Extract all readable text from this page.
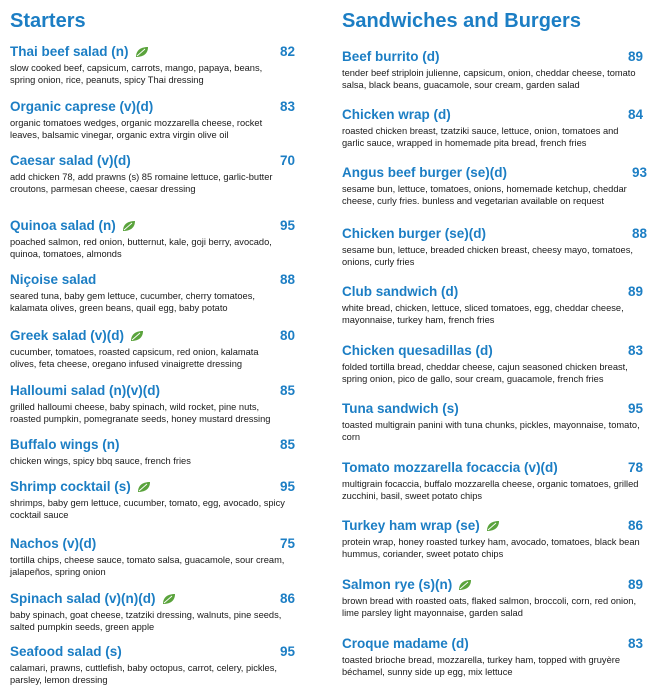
Starters
Thai beef salad (n)	82
slow cooked beef, capsicum, carrots, mango, papaya, beans, spring onion, rice, peanuts, spicy Thai dressing
Organic caprese (v)(d)	83
organic tomatoes wedges, organic mozzarella cheese, rocket leaves, balsamic vinegar, organic extra virgin olive oil
Caesar salad (v)(d)	70
add chicken 78, add prawns (s) 85 romaine lettuce, garlic-butter croutons, parmesan cheese, caesar dressing
Quinoa salad (n)	95
poached salmon, red onion, butternut, kale, goji berry, avocado, quinoa, tomatoes, almonds
Niçoise salad	88
seared tuna, baby gem lettuce, cucumber, cherry tomatoes, kalamata olives, green beans, quail egg, baby potato
Greek salad (v)(d)	80
cucumber, tomatoes, roasted capsicum, red onion, kalamata olives, feta cheese, oregano infused vinaigrette dressing
Halloumi salad (n)(v)(d)	85
grilled halloumi cheese, baby spinach, wild rocket, pine nuts, roasted pumpkin, pomegranate seeds, honey mustard dressing
Buffalo wings (n)	85
chicken wings, spicy bbq sauce, french fries
Shrimp cocktail (s)	95
shrimps, baby gem lettuce, cucumber, tomato, egg, avocado, spicy cocktail sauce
Nachos (v)(d)	75
tortilla chips, cheese sauce, tomato salsa, guacamole, sour cream, jalapeños, spring onion
Spinach salad (v)(n)(d)	86
baby spinach, goat cheese, tzatziki dressing, walnuts, pine seeds, salted pumpkin seeds, green apple
Seafood salad (s)	95
calamari, prawns, cuttlefish, baby octopus, carrot, celery, pickles, parsley, lemon dressing
Sandwiches and Burgers
Beef burrito (d)	89
tender beef striploin julienne, capsicum, onion, cheddar cheese, tomato salsa, black beans, guacamole, sour cream, garden salad
Chicken wrap (d)	84
roasted chicken breast, tzatziki sauce, lettuce, onion, tomatoes and garlic sauce, wrapped in homemade pita bread, french fries
Angus beef burger (se)(d)	93
sesame bun, lettuce, tomatoes, onions, homemade ketchup, cheddar cheese, curly fries. bunless and vegetarian available on request
Chicken burger (se)(d)	88
sesame bun, lettuce, breaded chicken breast, cheesy mayo, tomatoes, onions, curly fries
Club sandwich (d)	89
white bread, chicken, lettuce, sliced tomatoes, egg, cheddar cheese, mayonnaise, turkey ham, french fries
Chicken quesadillas (d)	83
folded tortilla bread, cheddar cheese, cajun seasoned chicken breast, spring onion, pico de gallo, sour cream, guacamole, french fries
Tuna sandwich (s)	95
toasted multigrain panini with tuna chunks, pickles, mayonnaise, tomato, corn
Tomato mozzarella focaccia (v)(d)	78
multigrain focaccia, buffalo mozzarella cheese, organic tomatoes, grilled zucchini, basil, sweet potato chips
Turkey ham wrap (se)	86
protein wrap, honey roasted turkey ham, avocado, tomatoes, black bean hummus, coriander, sweet potato chips
Salmon rye (s)(n)	89
brown bread with roasted oats, flaked salmon, broccoli, corn, red onion, lime parsley light mayonnaise, garden salad
Croque madame (d)	83
toasted brioche bread, mozzarella, turkey ham, topped with gruyère béchamel, sunny side up egg, mix lettuce
